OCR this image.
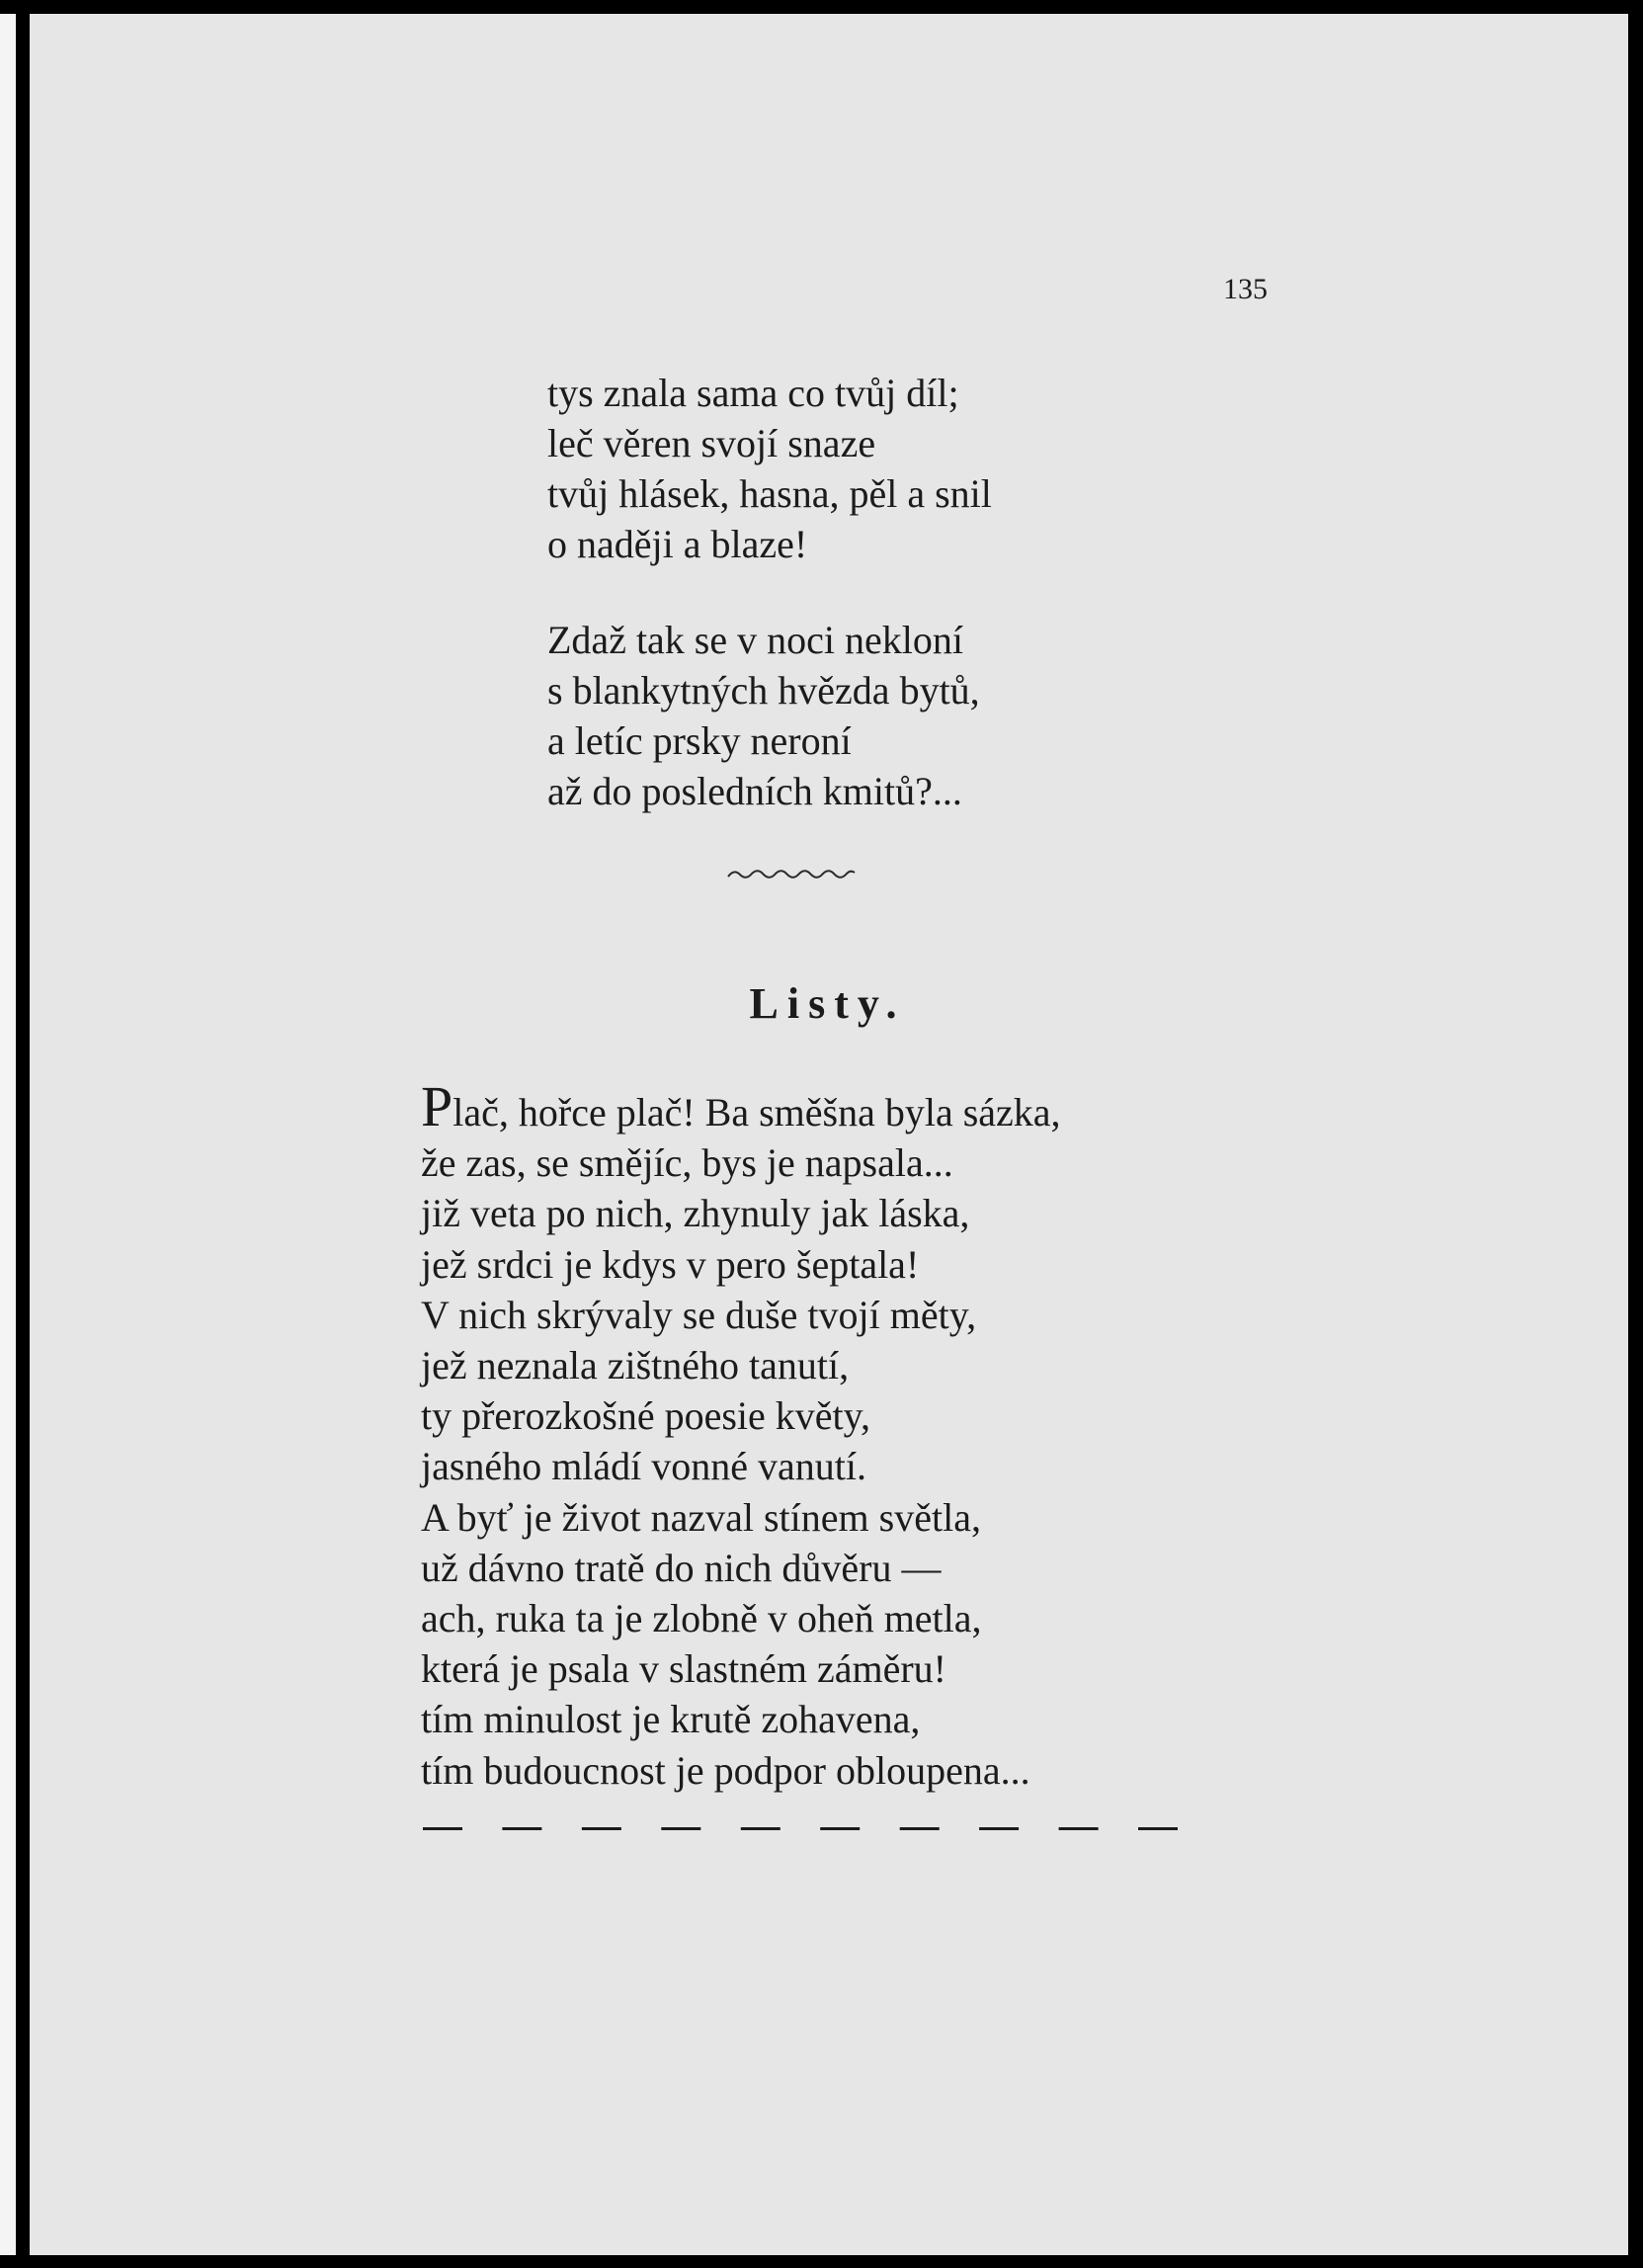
135
tys znala sama co tvůj díl;
leč věren svojí snaze
tvůj hlásek, hasna, pěl a snil
o naději a blaze!
Zdaž tak se v noci nekloní
s blankytných hvězda bytů,
a letíc prsky neroní
až do posledních kmitů?...
Listy.
Plač, hořce plač! Ba směšna byla sázka,
že zas, se smějíc, bys je napsala...
již veta po nich, zhynuly jak láska,
jež srdci je kdys v pero šeptala!
V nich skrývaly se duše tvojí měty,
jež neznala zištného tanutí,
ty přerozkošné poesie květy,
jasného mládí vonné vanutí.
A byť je život nazval stínem světla,
už dávno tratě do nich důvěru —
ach, ruka ta je zlobně v oheň metla,
která je psala v slastném záměru!
tím minulost je krutě zohavena,
tím budoucnost je podpor obloupena...
